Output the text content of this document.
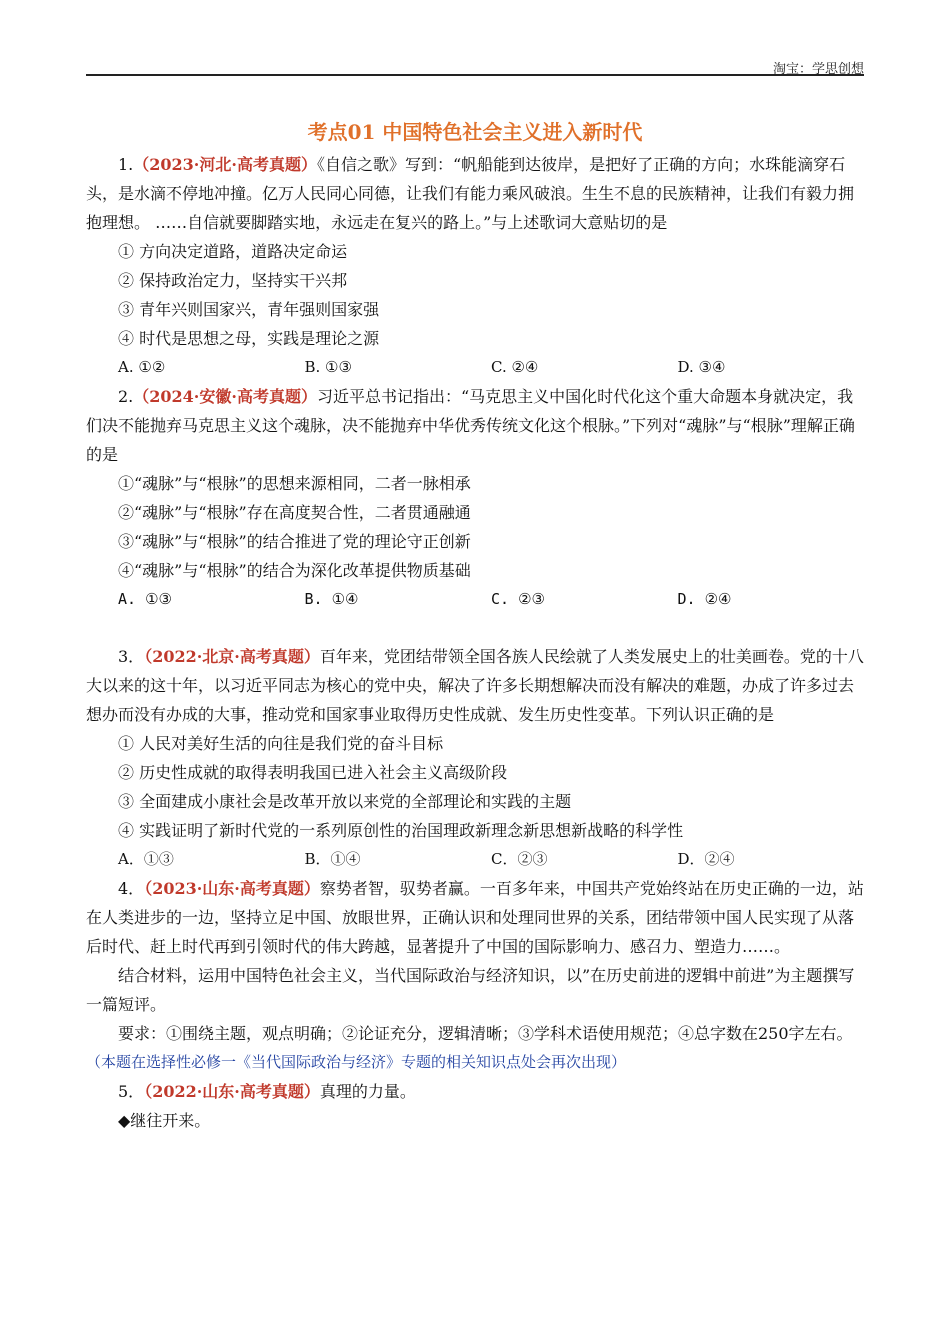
淘宝：学思创想
考点01 中国特色社会主义进入新时代

1.（2023·河北·高考真题）《自信之歌》写到：“帆船能到达彼岸，是把好了正确的方向；水珠能滴穿石头，是水滴不停地冲撞。亿万人民同心同德，让我们有能力乘风破浪。生生不息的民族精神，让我们有毅力拥抱理想。 ……自信就要脚踏实地，永远走在复兴的路上。”与上述歌词大意贴切的是

① 方向决定道路，道路决定命运

② 保持政治定力，坚持实干兴邦

③ 青年兴则国家兴，青年强则国家强

④ 时代是思想之母，实践是理论之源

A. ①②	B. ①③	C. ②④	D. ③④

2.（2024·安徽·高考真题）习近平总书记指出：“马克思主义中国化时代化这个重大命题本身就决定，我们决不能抛弃马克思主义这个魂脉，决不能抛弃中华优秀传统文化这个根脉。”下列对“魂脉”与“根脉”理解正确的是

①“魂脉”与“根脉”的思想来源相同，二者一脉相承

②“魂脉”与“根脉”存在高度契合性，二者贯通融通

③“魂脉”与“根脉”的结合推进了党的理论守正创新

④“魂脉”与“根脉”的结合为深化改革提供物质基础

A. ①③	B. ①④	C. ②③	D. ②④

3．（2022·北京·高考真题）百年来，党团结带领全国各族人民绘就了人类发展史上的壮美画卷。党的十八大以来的这十年，以习近平同志为核心的党中央，解决了许多长期想解决而没有解决的难题，办成了许多过去想办而没有办成的大事，推动党和国家事业取得历史性成就、发生历史性变革。下列认识正确的是

① 人民对美好生活的向往是我们党的奋斗目标

② 历史性成就的取得表明我国已进入社会主义高级阶段

③ 全面建成小康社会是改革开放以来党的全部理论和实践的主题

④ 实践证明了新时代党的一系列原创性的治国理政新理念新思想新战略的科学性

A．①③	B．①④	C．②③	D．②④

4．（2023·山东·高考真题）察势者智，驭势者赢。一百多年来，中国共产党始终站在历史正确的一边，站在人类进步的一边，坚持立足中国、放眼世界，正确认识和处理同世界的关系，团结带领中国人民实现了从落后时代、赶上时代再到引领时代的伟大跨越，显著提升了中国的国际影响力、感召力、塑造力……。

结合材料，运用中国特色社会主义，当代国际政治与经济知识，以”在历史前进的逻辑中前进”为主题撰写一篇短评。

要求：①围绕主题，观点明确；②论证充分，逻辑清晰；③学科术语使用规范；④总字数在250字左右。

（本题在选择性必修一《当代国际政治与经济》专题的相关知识点处会再次出现）

5．（2022·山东·高考真题）真理的力量。

◆继往开来。
